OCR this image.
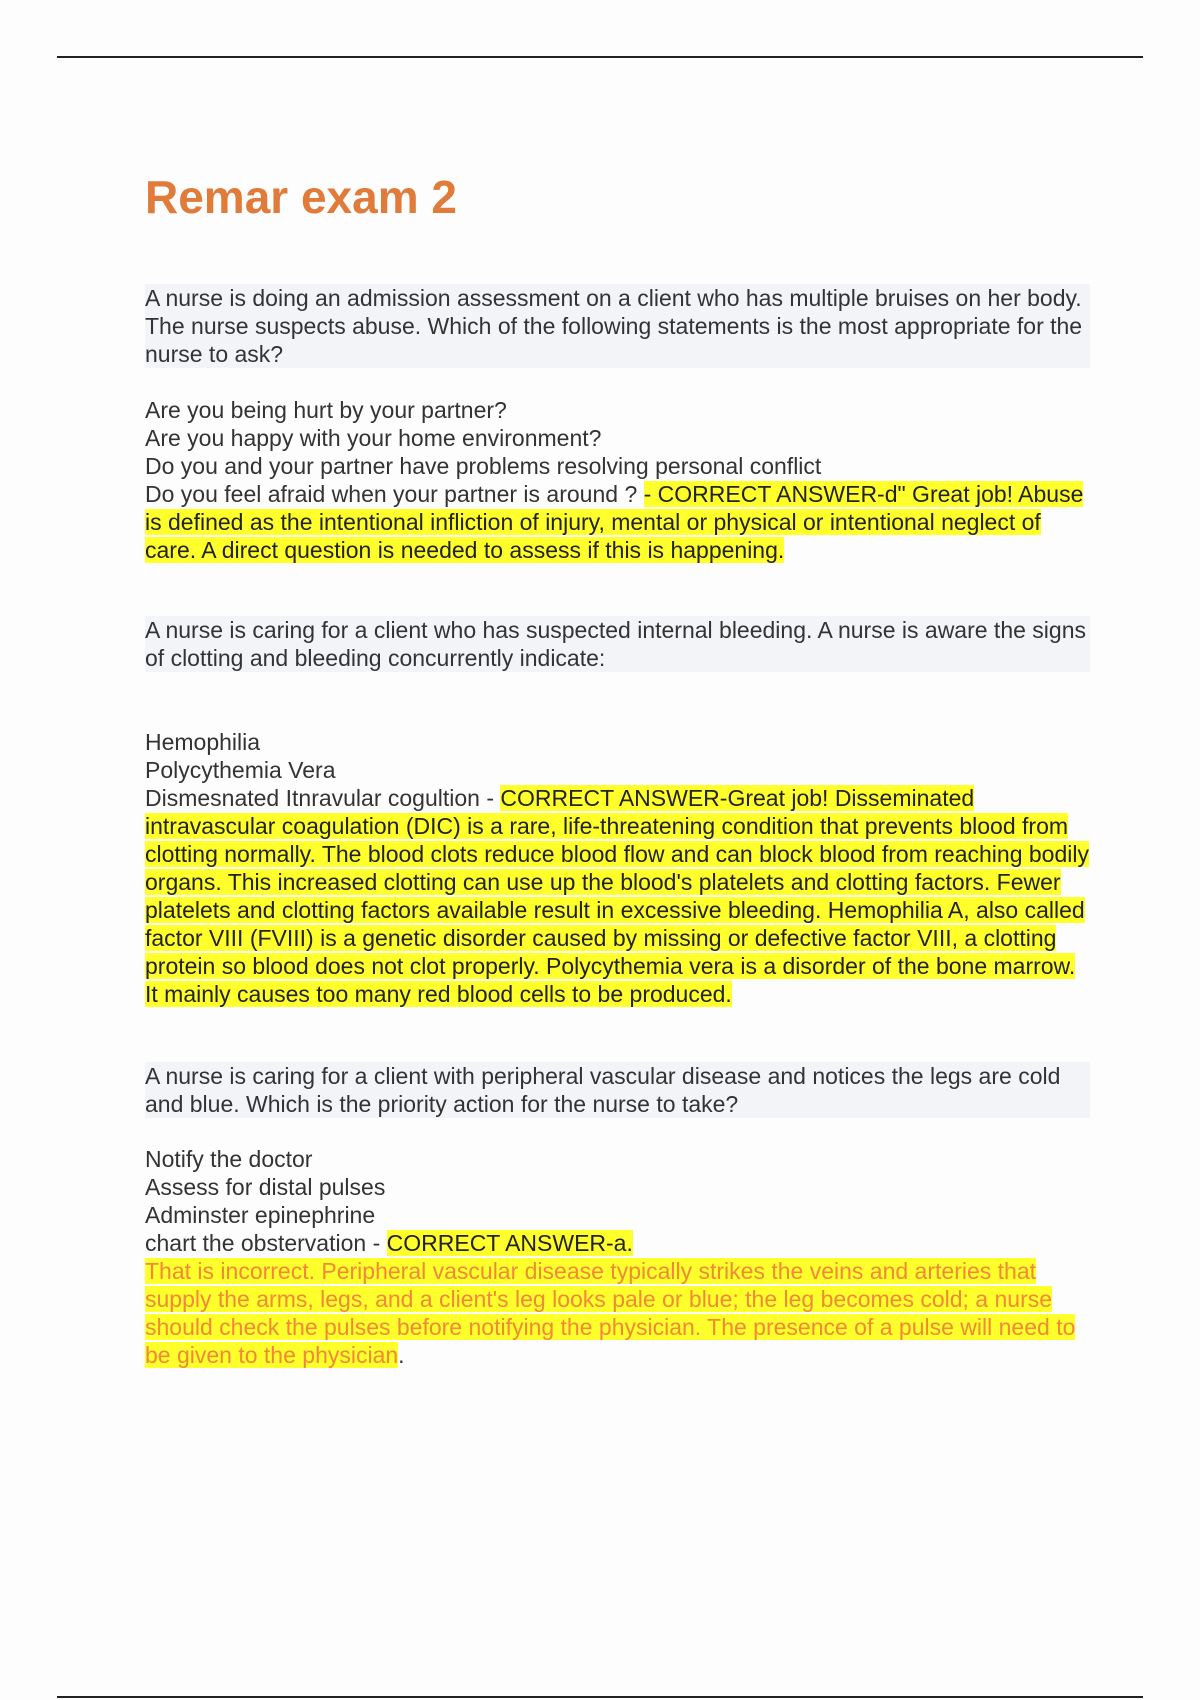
Remar exam 2

A nurse is doing an admission assessment on a client who has multiple bruises on her body. The nurse suspects abuse. Which of the following statements is the most appropriate for the nurse to ask?

Are you being hurt by your partner?
Are you happy with your home environment?
Do you and your partner have problems resolving personal conflict
Do you feel afraid when your partner is around ? - CORRECT ANSWER-d" Great job! Abuse is defined as the intentional infliction of injury, mental or physical or intentional neglect of care. A direct question is needed to assess if this is happening.

A nurse is caring for a client who has suspected internal bleeding. A nurse is aware the signs of clotting and bleeding concurrently indicate:

Hemophilia
Polycythemia Vera
Dismesnated Itnravular cogultion - CORRECT ANSWER-Great job! Disseminated intravascular coagulation (DIC) is a rare, life-threatening condition that prevents blood from clotting normally. The blood clots reduce blood flow and can block blood from reaching bodily organs. This increased clotting can use up the blood's platelets and clotting factors. Fewer platelets and clotting factors available result in excessive bleeding. Hemophilia A, also called factor VIII (FVIII) is a genetic disorder caused by missing or defective factor VIII, a clotting protein so blood does not clot properly. Polycythemia vera is a disorder of the bone marrow. It mainly causes too many red blood cells to be produced.

A nurse is caring for a client with peripheral vascular disease and notices the legs are cold and blue. Which is the priority action for the nurse to take?

Notify the doctor
Assess for distal pulses
Adminster epinephrine
chart the obstervation - CORRECT ANSWER-a.
That is incorrect. Peripheral vascular disease typically strikes the veins and arteries that supply the arms, legs, and a client's leg looks pale or blue; the leg becomes cold; a nurse should check the pulses before notifying the physician. The presence of a pulse will need to be given to the physician.
